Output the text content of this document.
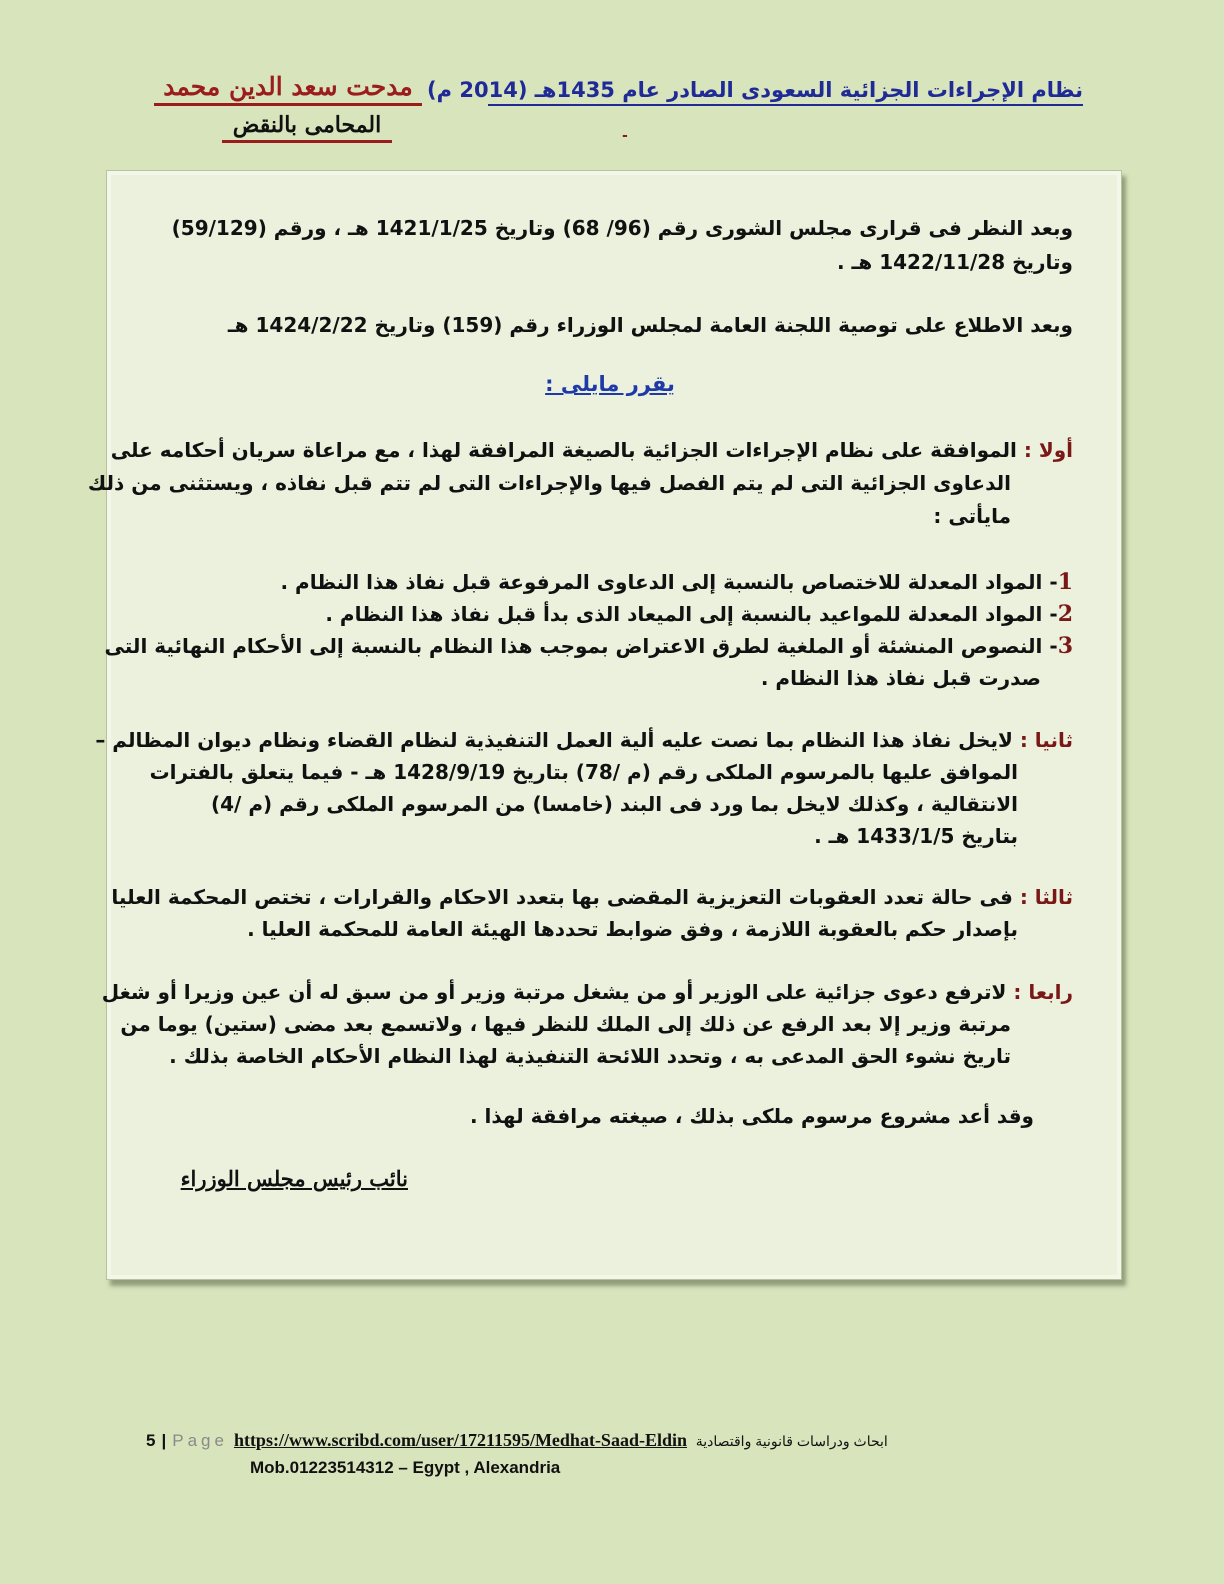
نظام الإجراءات الجزائية السعودى الصادر عام 1435هـ (2014 م)
-
مدحت سعد الدين محمد
المحامى بالنقض
وبعد النظر فى قرارى مجلس الشورى رقم (96/ 68) وتاريخ 1421/1/25 هـ ، ورقم (59/129)
وتاريخ 1422/11/28 هـ .
وبعد الاطلاع على توصية اللجنة العامة لمجلس الوزراء رقم (159) وتاريخ 1424/2/22 هـ
يقرر مايلى :
أولا : الموافقة على نظام الإجراءات الجزائية بالصيغة المرافقة لهذا ، مع مراعاة سريان أحكامه على
الدعاوى الجزائية التى لم يتم الفصل فيها والإجراءات التى لم تتم قبل نفاذه ، ويستثنى من ذلك
مايأتى :
1- المواد المعدلة للاختصاص بالنسبة إلى الدعاوى المرفوعة قبل نفاذ هذا النظام .
2- المواد المعدلة للمواعيد بالنسبة إلى الميعاد الذى بدأ قبل نفاذ هذا النظام .
3- النصوص المنشئة أو الملغية لطرق الاعتراض بموجب هذا النظام بالنسبة إلى الأحكام النهائية التى
صدرت قبل نفاذ هذا النظام .
ثانيا : لايخل نفاذ هذا النظام بما نصت عليه ألية العمل التنفيذية لنظام القضاء ونظام ديوان المظالم –
الموافق عليها بالمرسوم الملكى رقم (م /78) بتاريخ 1428/9/19 هـ - فيما يتعلق بالفترات
الانتقالية ، وكذلك لايخل بما ورد فى البند (خامسا) من المرسوم الملكى رقم (م /4)
بتاريخ 1433/1/5 هـ .
ثالثا : فى حالة تعدد العقوبات التعزيزية المقضى بها بتعدد الاحكام والقرارات ، تختص المحكمة العليا
بإصدار حكم بالعقوبة اللازمة ، وفق ضوابط تحددها الهيئة العامة للمحكمة العليا .
رابعا : لاترفع دعوى جزائية على الوزير أو من يشغل مرتبة وزير أو من سبق له أن عين وزيرا أو شغل
مرتبة وزير إلا بعد الرفع عن ذلك إلى الملك للنظر فيها ، ولاتسمع بعد مضى (ستين) يوما من
تاريخ نشوء الحق المدعى به ، وتحدد اللائحة التنفيذية لهذا النظام الأحكام الخاصة بذلك .
وقد أعد مشروع مرسوم ملكى بذلك ، صيغته مرافقة لهذا .
نائب رئيس مجلس الوزراء
5 | Page https://www.scribd.com/user/17211595/Medhat-Saad-Eldin ابحاث ودراسات قانونية واقتصادية
Mob.01223514312 – Egypt , Alexandria
